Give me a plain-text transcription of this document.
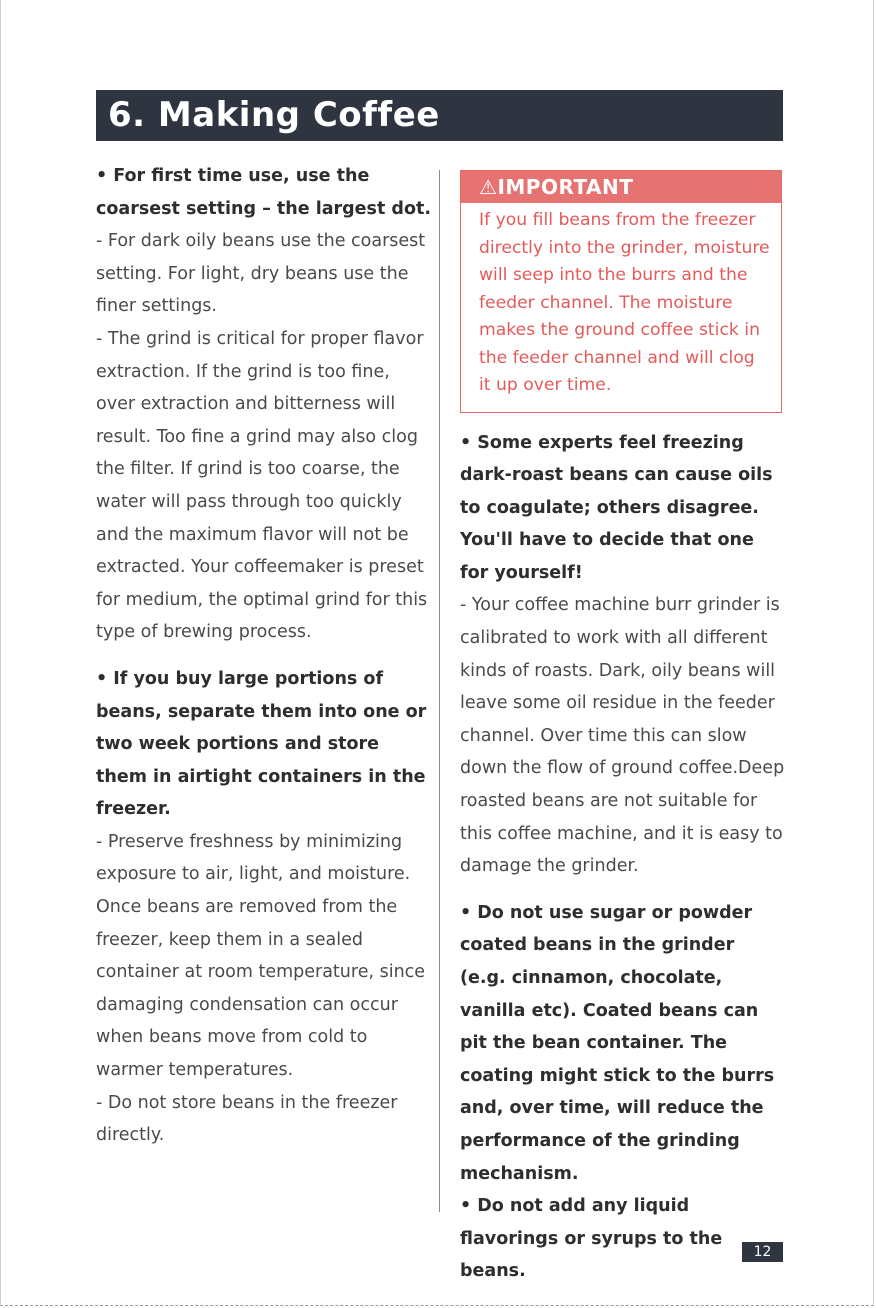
6. Making Coffee

• For first time use, use the coarsest setting – the largest dot.

- For dark oily beans use the coarsest setting. For light, dry beans use the finer settings.

- The grind is critical for proper flavor extraction. If the grind is too fine, over extraction and bitterness will result. Too fine a grind may also clog the filter. If grind is too coarse, the water will pass through too quickly and the maximum flavor will not be extracted. Your coffeemaker is preset for medium, the optimal grind for this type of brewing process.

• If you buy large portions of beans, separate them into one or two week portions and store them in airtight containers in the freezer.

- Preserve freshness by minimizing exposure to air, light, and moisture. Once beans are removed from the freezer, keep them in a sealed container at room temperature, since damaging condensation can occur when beans move from cold to warmer temperatures.

- Do not store beans in the freezer directly.

⚠IMPORTANT
If you fill beans from the freezer directly into the grinder, moisture will seep into the burrs and the feeder channel. The moisture makes the ground coffee stick in the feeder channel and will clog it up over time.

• Some experts feel freezing dark-roast beans can cause oils to coagulate; others disagree. You'll have to decide that one for yourself!

- Your coffee machine burr grinder is calibrated to work with all different kinds of roasts. Dark, oily beans will leave some oil residue in the feeder channel. Over time this can slow down the flow of ground coffee.Deep roasted beans are not suitable for this coffee machine, and it is easy to damage the grinder.

• Do not use sugar or powder coated beans in the grinder (e.g. cinnamon, chocolate, vanilla etc). Coated beans can pit the bean container. The coating might stick to the burrs and, over time, will reduce the performance of the grinding mechanism.

• Do not add any liquid flavorings or syrups to the beans.

12
